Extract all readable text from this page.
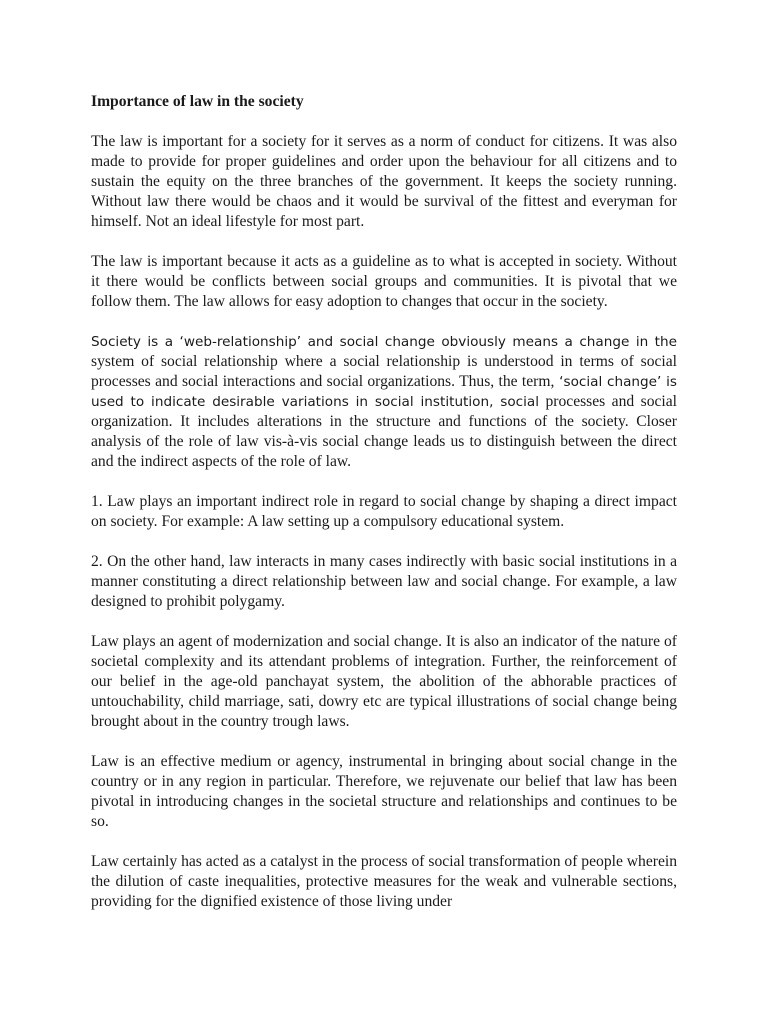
Importance of law in the society

The law is important for a society for it serves as a norm of conduct for citizens. It was also made to provide for proper guidelines and order upon the behaviour for all citizens and to sustain the equity on the three branches of the government. It keeps the society running. Without law there would be chaos and it would be survival of the fittest and everyman for himself. Not an ideal lifestyle for most part.

The law is important because it acts as a guideline as to what is accepted in society. Without it there would be conflicts between social groups and communities. It is pivotal that we follow them. The law allows for easy adoption to changes that occur in the society.

Society is a ‘web-relationship’ and social change obviously means a change in the system of social relationship where a social relationship is understood in terms of social processes and social interactions and social organizations. Thus, the term, ‘social change’ is used to indicate desirable variations in social institution, social processes and social organization. It includes alterations in the structure and functions of the society. Closer analysis of the role of law vis-à-vis social change leads us to distinguish between the direct and the indirect aspects of the role of law.

1. Law plays an important indirect role in regard to social change by shaping a direct impact on society. For example: A law setting up a compulsory educational system.

2. On the other hand, law interacts in many cases indirectly with basic social institutions in a manner constituting a direct relationship between law and social change. For example, a law designed to prohibit polygamy.

Law plays an agent of modernization and social change. It is also an indicator of the nature of societal complexity and its attendant problems of integration. Further, the reinforcement of our belief in the age-old panchayat system, the abolition of the abhorable practices of untouchability, child marriage, sati, dowry etc are typical illustrations of social change being brought about in the country trough laws.

Law is an effective medium or agency, instrumental in bringing about social change in the country or in any region in particular. Therefore, we rejuvenate our belief that law has been pivotal in introducing changes in the societal structure and relationships and continues to be so.

Law certainly has acted as a catalyst in the process of social transformation of people wherein the dilution of caste inequalities, protective measures for the weak and vulnerable sections, providing for the dignified existence of those living under
